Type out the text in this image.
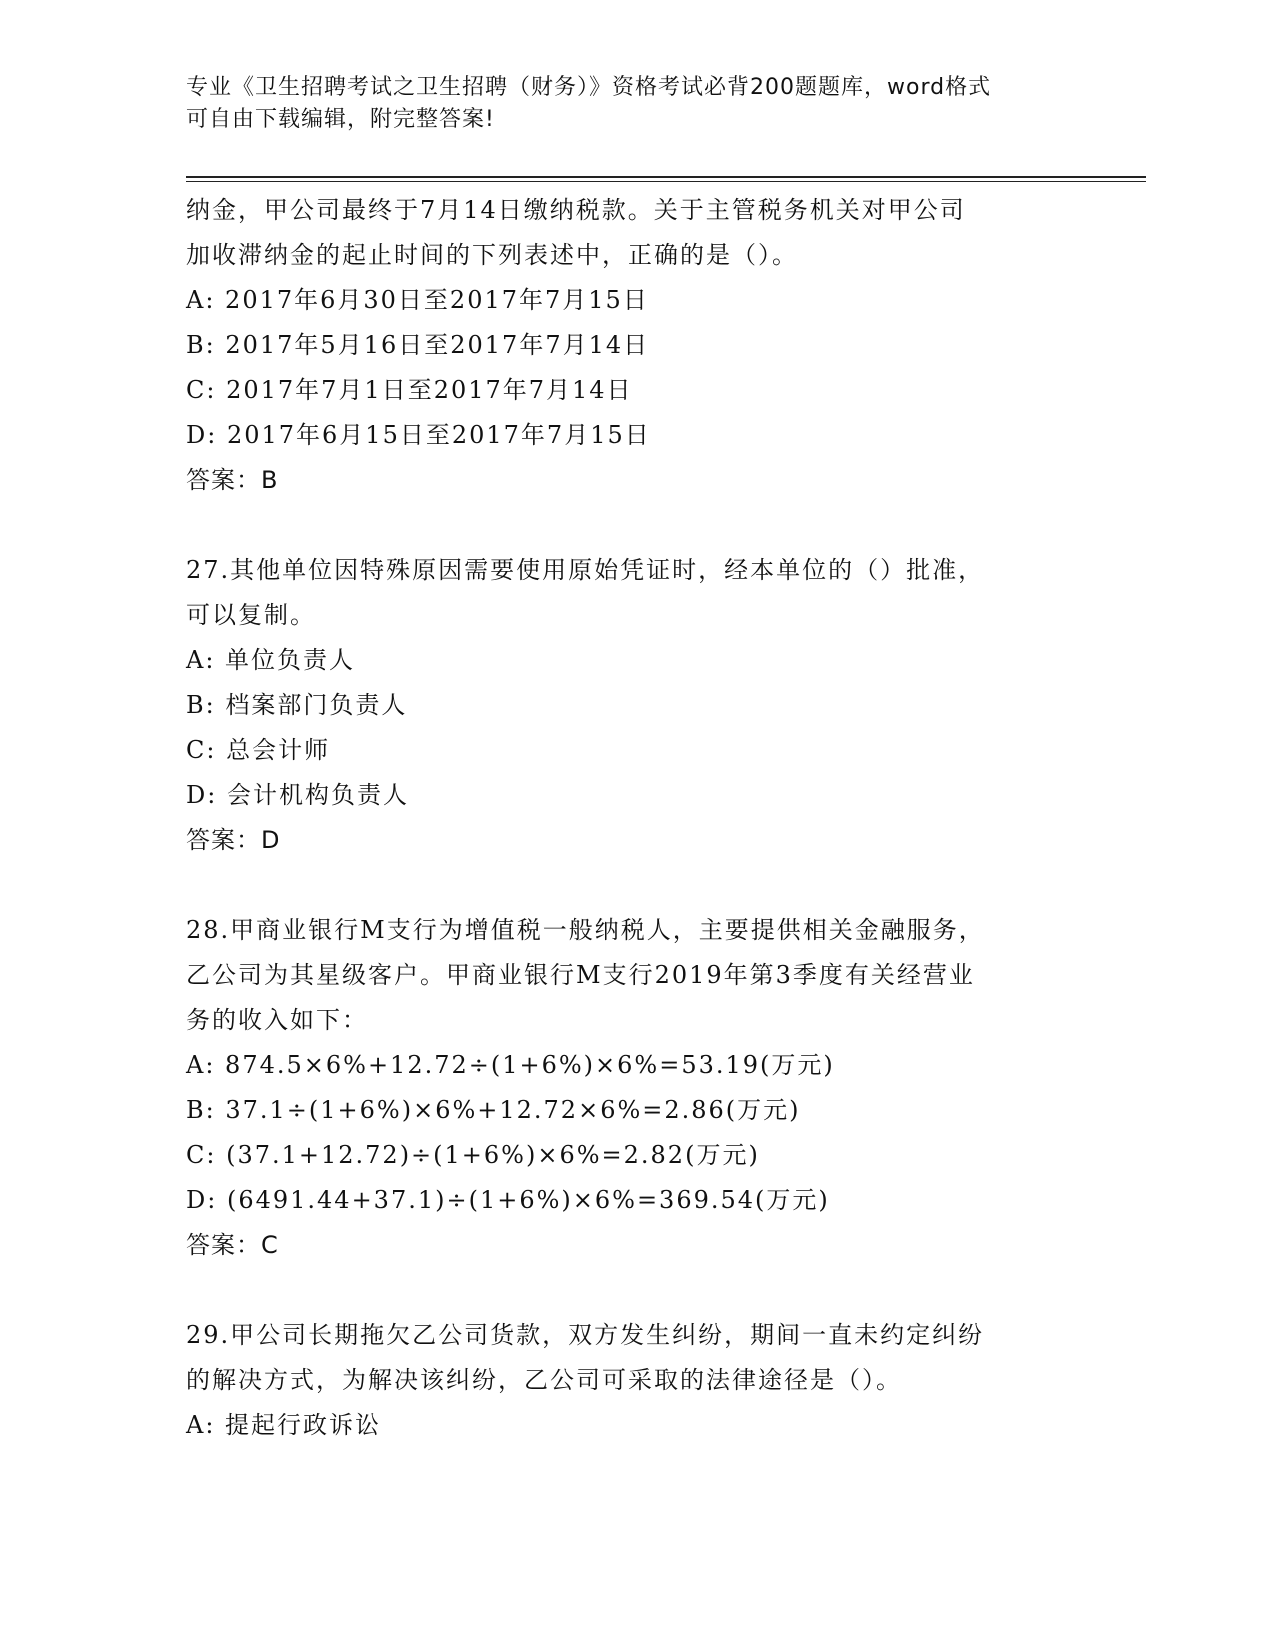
专业《卫生招聘考试之卫生招聘（财务）》资格考试必背200题题库，word格式
可自由下载编辑，附完整答案!
纳金，甲公司最终于7月14日缴纳税款。关于主管税务机关对甲公司
加收滞纳金的起止时间的下列表述中，正确的是（）。
A: 2017年6月30日至2017年7月15日
B: 2017年5月16日至2017年7月14日
C: 2017年7月1日至2017年7月14日
D: 2017年6月15日至2017年7月15日
答案：B
27.其他单位因特殊原因需要使用原始凭证时，经本单位的（）批准，
可以复制。
A: 单位负责人
B: 档案部门负责人
C: 总会计师
D: 会计机构负责人
答案：D
28.甲商业银行M支行为增值税一般纳税人，主要提供相关金融服务，
乙公司为其星级客户。甲商业银行M支行2019年第3季度有关经营业
务的收入如下：
A: 874.5×6%+12.72÷(1+6%)×6%=53.19(万元)
B: 37.1÷(1+6%)×6%+12.72×6%=2.86(万元)
C: (37.1+12.72)÷(1+6%)×6%=2.82(万元)
D: (6491.44+37.1)÷(1+6%)×6%=369.54(万元)
答案：C
29.甲公司长期拖欠乙公司货款，双方发生纠纷，期间一直未约定纠纷
的解决方式，为解决该纠纷，乙公司可采取的法律途径是（）。
A: 提起行政诉讼
